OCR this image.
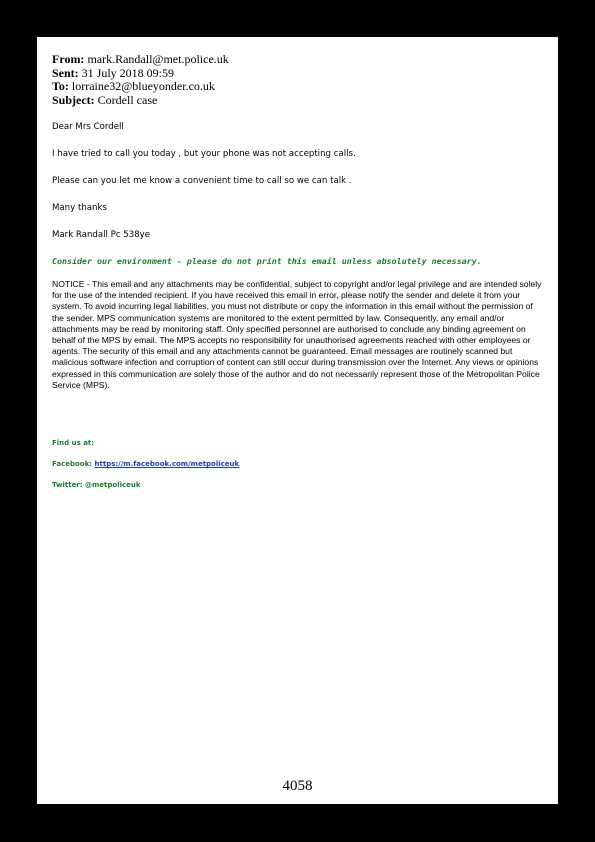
From: mark.Randall@met.police.uk
Sent: 31 July 2018 09:59
To: lorraine32@blueyonder.co.uk
Subject: Cordell case
Dear Mrs Cordell
I have tried to call you today , but your phone was not accepting calls.
Please can you let me know a convenient time to call so we can talk .
Many thanks
Mark Randall Pc 538ye
Consider our environment - please do not print this email unless absolutely necessary.
NOTICE - This email and any attachments may be confidential, subject to copyright and/or legal privilege and are intended solely for the use of the intended recipient. If you have received this email in error, please notify the sender and delete it from your system. To avoid incurring legal liabilities, you must not distribute or copy the information in this email without the permission of the sender. MPS communication systems are monitored to the extent permitted by law. Consequently, any email and/or attachments may be read by monitoring staff. Only specified personnel are authorised to conclude any binding agreement on behalf of the MPS by email. The MPS accepts no responsibility for unauthorised agreements reached with other employees or agents. The security of this email and any attachments cannot be guaranteed. Email messages are routinely scanned but malicious software infection and corruption of content can still occur during transmission over the Internet. Any views or opinions expressed in this communication are solely those of the author and do not necessarily represent those of the Metropolitan Police Service (MPS).
Find us at:
Facebook: https://m.facebook.com/metpoliceuk
Twitter: @metpoliceuk
4058
